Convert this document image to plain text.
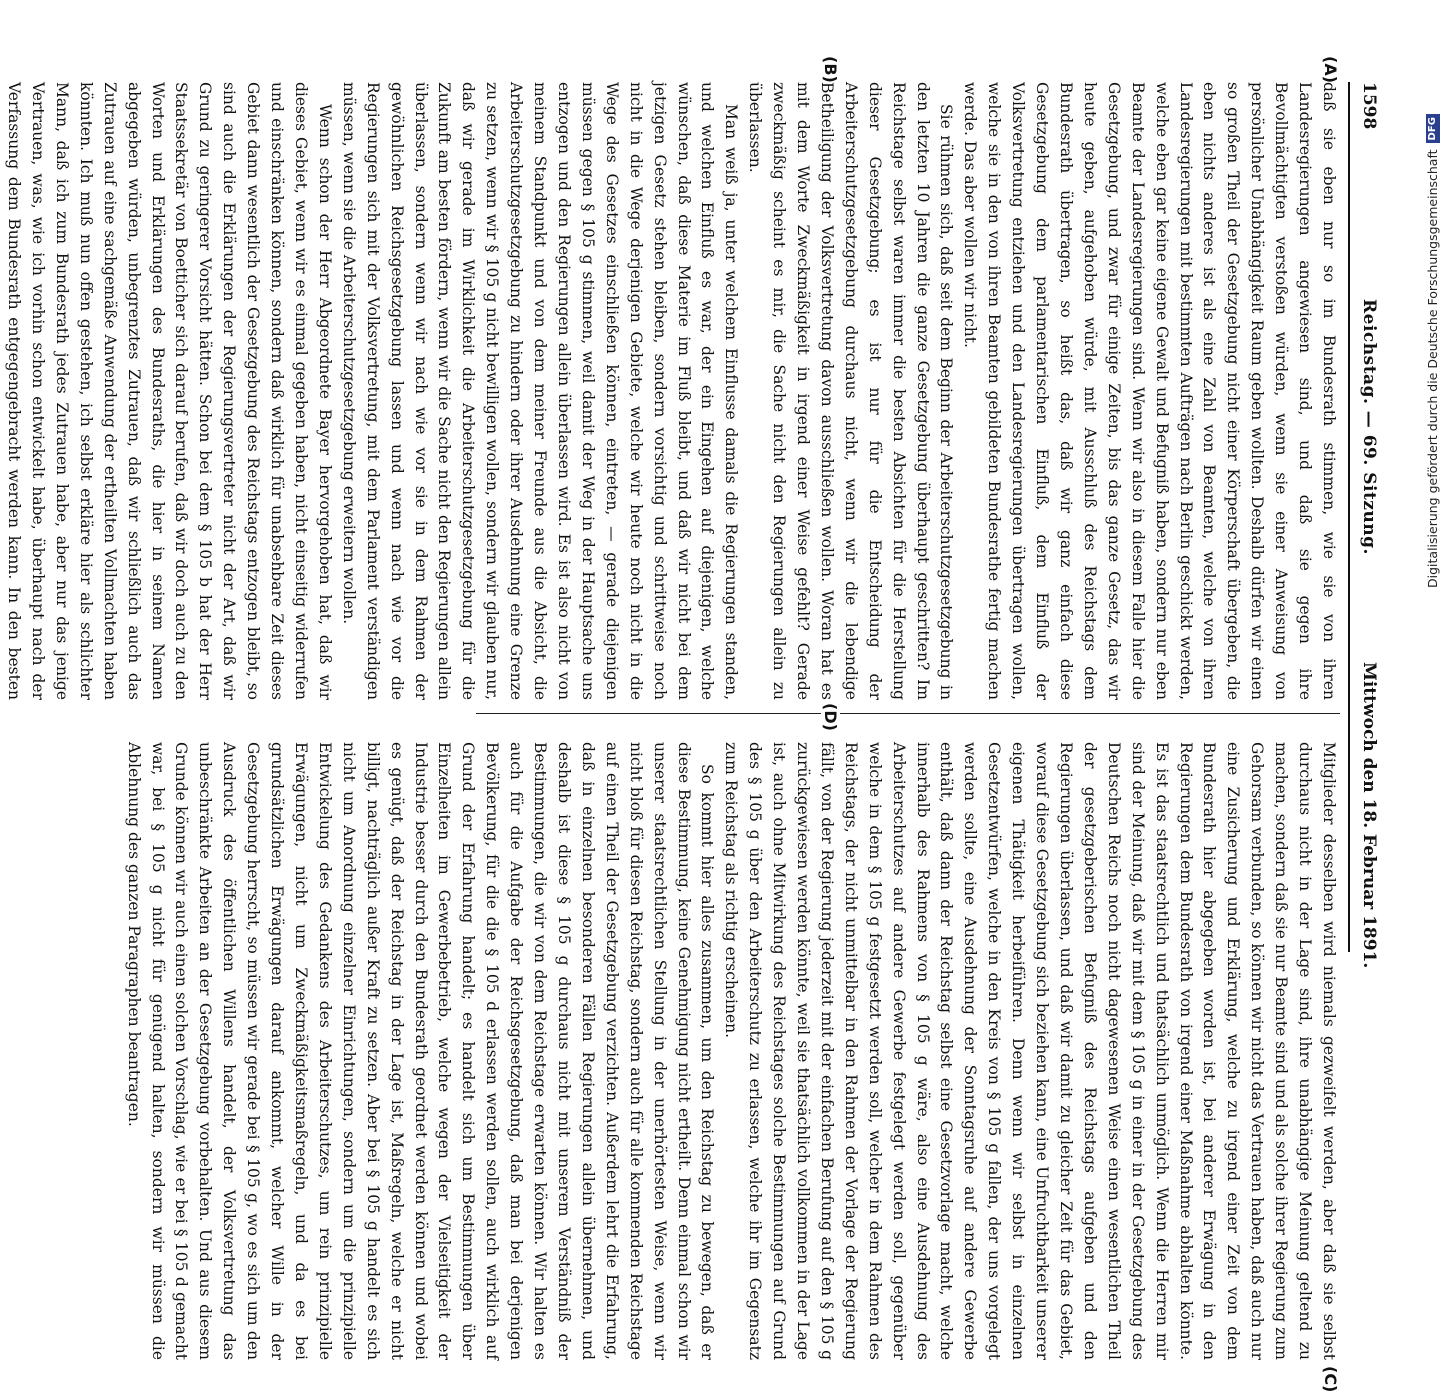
1598
Reichstag. — 69. Sitzung.
Mittwoch den 18. Februar 1891.
(A)
(B)
(C)

daß sie eben nur so im Bundesrath stimmen, wie sie von ihren Landesregierungen angewiesen sind, und daß sie gegen ihre Bevollmächtigten verstoßen würden, wenn sie einer Anweisung von persönlicher Unabhängigkeit Raum geben wollten. Deshalb dürfen wir einen so großen Theil der Gesetzgebung nicht einer Körperschaft übergeben, die eben nichts anderes ist als eine Zahl von Beamten, welche von ihren Landesregierungen mit bestimmten Aufträgen nach Berlin geschickt werden, welche eben gar keine eigene Gewalt und Befugniß haben, sondern nur eben Beamte der Landesregierungen sind. Wenn wir also in diesem Falle hier die Gesetzgebung, und zwar für einige Zeiten, bis das ganze Gesetz, das wir heute geben, aufgehoben würde, mit Ausschluß des Reichstags dem Bundesrath übertragen, so heißt das, daß wir ganz einfach diese Gesetzgebung dem parlamentarischen Einfluß, dem Einfluß der Volksvertretung entziehen und den Landesregierungen übertragen wollen, welche sie in den von ihren Beamten gebildeten Bundesrathe fertig machen werde. Das aber wollen wir nicht.

Sie rühmen sich, daß seit dem Beginn der Arbeiterschutzgesetzgebung in den letzten 10 Jahren die ganze Gesetzgebung überhaupt geschritten? Im Reichstage selbst waren immer die besten Absichten für die Herstellung dieser Gesetzgebung; es ist nur für die Entscheidung der Arbeiterschutzgesetzgebung durchaus nicht, wenn wir die lebendige Betheiligung der Volksvertretung davon ausschließen wollen. Woran hat es mit dem Worte Zweckmäßigkeit in irgend einer Weise gefehlt? Gerade zweckmäßig scheint es mir, die Sache nicht den Regierungen allein zu überlassen.

Man weiß ja, unter welchem Einflusse damals die Regierungen standen, und welchen Einfluß es war, der ein Eingehen auf diejenigen, welche wünschen, daß diese Materie im Fluß bleibt, und daß wir nicht bei dem jetzigen Gesetz stehen bleiben, sondern vorsichtig und schrittweise noch nicht in die Wege derjenigen Gebiete, welche wir heute noch nicht in die Wege des Gesetzes einschließen können, eintreten, — gerade diejenigen müssen gegen § 105 g stimmen, weil damit der Weg in der Hauptsache uns entzogen und den Regierungen allein überlassen wird. Es ist also nicht von meinem Standpunkt und von dem meiner Freunde aus die Absicht, die Arbeiterschutzgesetzgebung zu hindern oder ihrer Ausdehnung eine Grenze zu setzen, wenn wir § 105 g nicht bewilligen wollen, sondern wir glauben nur, daß wir gerade im Wirklichkeit die Arbeiterschutzgesetzgebung für die Zukunft am besten fördern, wenn wir die Sache nicht den Regierungen allein überlassen, sondern wenn wir nach wie vor sie in dem Rahmen der gewöhnlichen Reichsgesetzgebung lassen und wenn nach wie vor die Regierungen sich mit der Volksvertretung, mit dem Parlament verständigen müssen, wenn sie die Arbeiterschutzgesetzgebung erweitern wollen.

Wenn schon der Herr Abgeordnete Bayer hervorgehoben hat, daß wir dieses Gebiet, wenn wir es einmal gegeben haben, nicht einseitig widerrufen und einschränken können, sondern daß wirklich für unabsehbare Zeit dieses Gebiet dann wesentlich der Gesetzgebung des Reichstags entzogen bleibt, so sind auch die Erklärungen der Regierungsvertreter nicht der Art, daß wir Grund zu geringerer Vorsicht hätten. Schon bei dem § 105 b hat der Herr Staatssekretär von Boetticher sich darauf berufen, daß wir doch auch zu den Worten und Erklärungen des Bundesraths, die hier in seinem Namen abgegeben würden, unbegrenztes Zutrauen, daß wir schließlich auch das Zutrauen auf eine sachgemäße Anwendung der ertheilten Vollmachten haben könnten. Ich muß nun offen gestehen, ich selbst erkläre hier als schlichter Mann, daß ich zum Bundesrath jedes Zutrauen habe, aber nur das jenige Vertrauen, was, wie ich vorhin schon entwickelt habe, überhaupt nach der Verfassung dem Bundesrath entgegengebracht werden kann. In den besten

(D)

Mitglieder desselben wird niemals gezweifelt werden, aber daß sie selbst durchaus nicht in der Lage sind, ihre unabhängige Meinung geltend zu machen, sondern daß sie nur Beamte sind und als solche ihrer Regierung zum Gehorsam verbunden, so können wir nicht das Vertrauen haben, daß auch nur eine Zusicherung und Erklärung, welche zu irgend einer Zeit von dem Bundesrath hier abgegeben worden ist, bei anderer Erwägung in den Regierungen dem Bundesrath von irgend einer Maßnahme abhalten könnte. Es ist das staatsrechtlich und thatsächlich unmöglich. Wenn die Herren mir sind der Meinung, daß wir mit dem § 105 g in einer in der Gesetzgebung des Deutschen Reichs noch nicht dagewesenen Weise einen wesentlichen Theil der gesetzgeberischen Befugniß des Reichstags aufgeben und den Regierungen überlassen, und daß wir damit zu gleicher Zeit für das Gebiet, worauf diese Gesetzgebung sich beziehen kann, eine Unfruchtbarkeit unserer eigenen Thätigkeit herbeiführen. Denn wenn wir selbst in einzelnen Gesetzentwürfen, welche in den Kreis von § 105 g fallen, der uns vorgelegt werden sollte, eine Ausdehnung der Sonntagsruhe auf andere Gewerbe enthält, daß dann der Reichstag selbst eine Gesetzvorlage macht, welche innerhalb des Rahmens von § 105 g wäre, also eine Ausdehnung des Arbeiterschutzes auf andere Gewerbe festgelegt werden soll, gegenüber welche in dem § 105 g festgesetzt werden soll, welcher in dem Rahmen des Reichstags, der nicht unmittelbar in den Rahmen der Vorlage der Regierung fällt, von der Regierung jederzeit mit der einfachen Berufung auf den § 105 g zurückgewiesen werden könnte, weil sie thatsächlich vollkommen in der Lage ist, auch ohne Mitwirkung des Reichstages solche Bestimmungen auf Grund des § 105 g über den Arbeiterschutz zu erlassen, welche ihr im Gegensatz zum Reichstag als richtig erscheinen.

So kommt hier alles zusammen, um den Reichstag zu bewegen, daß er diese Bestimmung, keine Genehmigung nicht ertheilt. Denn einmal schon wir unserer staatsrechtlichen Stellung in der unerhörtesten Weise, wenn wir nicht bloß für diesen Reichstag, sondern auch für alle kommenden Reichstage auf einen Theil der Gesetzgebung verzichten. Außerdem lehrt die Erfahrung, daß in einzelnen besonderen Fällen Regierungen allein übernehmen, und deshalb ist diese § 105 g durchaus nicht mit unserem Verständniß der Bestimmungen, die wir von dem Reichstage erwarten können. Wir halten es auch für die Aufgabe der Reichsgesetzgebung, daß man bei derjenigen Bevölkerung, für die die § 105 d erlassen werden sollen, auch wirklich auf Grund der Erfahrung handelt; es handelt sich um Bestimmungen über Einzelheiten im Gewerbebetrieb, welche wegen der Vielseitigkeit der Industrie besser durch den Bundesrath geordnet werden können und wobei es genügt, daß der Reichstag in der Lage ist, Maßregeln, welche er nicht billigt, nachträglich außer Kraft zu setzen. Aber bei § 105 g handelt es sich nicht um Anordnung einzelner Einrichtungen, sondern um die prinzipielle Entwickelung des Gedankens des Arbeiterschutzes, um rein prinzipielle Erwägungen, nicht um Zweckmäßigkeitsmaßregeln, und da es bei grundsätzlichen Erwägungen darauf ankommt, welcher Wille in der Gesetzgebung herrscht, so müssen wir gerade bei § 105 g, wo es sich um den Ausdruck des öffentlichen Willens handelt, der Volksvertretung das unbeschränkte Arbeiten an der Gesetzgebung vorbehalten. Und aus diesem Grunde können wir auch einen solchen Vorschlag, wie er bei § 105 d gemacht war, bei § 105 g nicht für genügend halten, sondern wir müssen die Ablehnung des ganzen Paragraphen beantragen.

Digitalisierung gefördert durch die Deutsche Forschungsgemeinschaft
DFG
